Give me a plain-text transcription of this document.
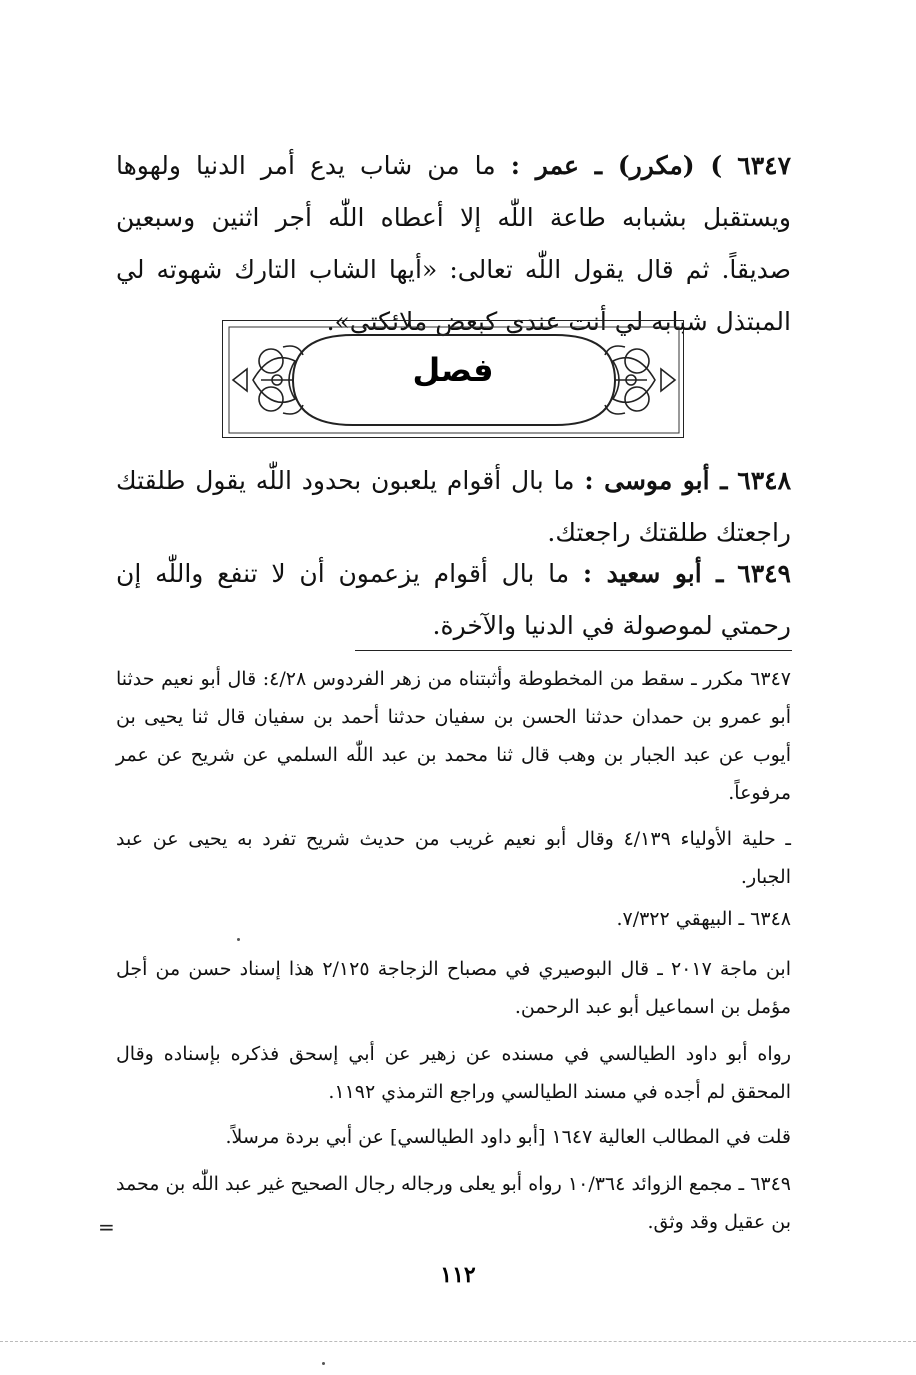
٦٣٤٧ ) (مكرر) ـ عمر : ما من شاب يدع أمر الدنيا ولهوها ويستقبل بشبابه طاعة اللّٰه إلا أعطاه اللّٰه أجر اثنين وسبعين صديقاً. ثم قال يقول اللّٰه تعالى: «أيها الشاب التارك شهوته لي المبتذل شبابه لي أنت عندي كبعض ملائكتي».

فصل

٦٣٤٨ ـ أبو موسى : ما بال أقوام يلعبون بحدود اللّٰه يقول طلقتك راجعتك طلقتك راجعتك.

٦٣٤٩ ـ أبو سعيد : ما بال أقوام يزعمون أن لا تنفع واللّٰه إن رحمتي لموصولة في الدنيا والآخرة.

٦٣٤٧ مكرر ـ سقط من المخطوطة وأثبتناه من زهر الفردوس ٤/٢٨: قال أبو نعيم حدثنا أبو عمرو بن حمدان حدثنا الحسن بن سفيان حدثنا أحمد بن سفيان قال ثنا يحيى بن أيوب عن عبد الجبار بن وهب قال ثنا محمد بن عبد اللّٰه السلمي عن شريح عن عمر مرفوعاً.

ـ حلية الأولياء ٤/١٣٩ وقال أبو نعيم غريب من حديث شريح تفرد به يحيى عن عبد الجبار.

٦٣٤٨ ـ البيهقي ٧/٣٢٢.

ابن ماجة ٢٠١٧ ـ قال البوصيري في مصباح الزجاجة ٢/١٢٥ هذا إسناد حسن من أجل مؤمل بن اسماعيل أبو عبد الرحمن.

رواه أبو داود الطيالسي في مسنده عن زهير عن أبي إسحق فذكره بإسناده وقال المحقق لم أجده في مسند الطيالسي وراجع الترمذي ١١٩٢.

قلت في المطالب العالية ١٦٤٧ [أبو داود الطيالسي] عن أبي بردة مرسلاً.

٦٣٤٩ ـ مجمع الزوائد ١٠/٣٦٤ رواه أبو يعلى ورجاله رجال الصحيح غير عبد اللّٰه بن محمد بن عقيل وقد وثق.

=
١١٢
